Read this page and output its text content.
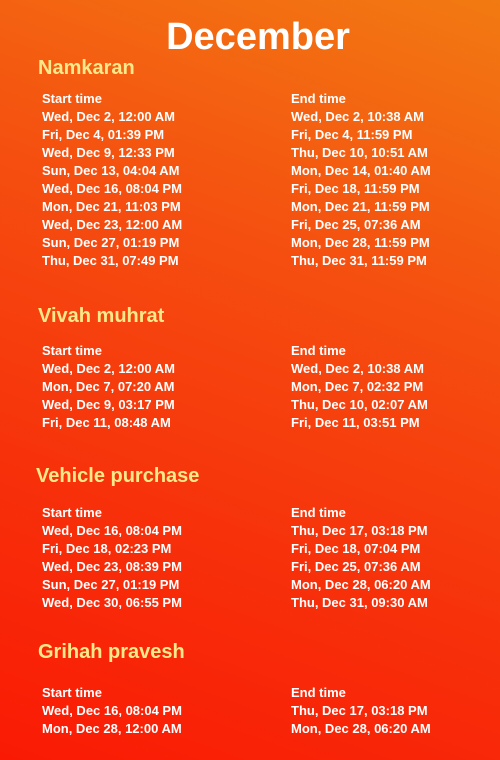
December
Namkaran
Start time
Wed, Dec 2, 12:00 AM
Fri, Dec 4, 01:39 PM
Wed, Dec 9, 12:33 PM
Sun, Dec 13, 04:04 AM
Wed, Dec 16, 08:04 PM
Mon, Dec 21, 11:03 PM
Wed, Dec 23, 12:00 AM
Sun, Dec 27, 01:19 PM
Thu, Dec 31, 07:49 PM
End time
Wed, Dec 2, 10:38 AM
Fri, Dec 4, 11:59 PM
Thu, Dec 10, 10:51 AM
Mon, Dec 14, 01:40 AM
Fri, Dec 18, 11:59 PM
Mon, Dec 21, 11:59 PM
Fri, Dec 25, 07:36 AM
Mon, Dec 28, 11:59 PM
Thu, Dec 31, 11:59 PM
Vivah muhrat
Start time
Wed, Dec 2, 12:00 AM
Mon, Dec 7, 07:20 AM
Wed, Dec 9, 03:17 PM
Fri, Dec 11, 08:48 AM
End time
Wed, Dec 2, 10:38 AM
Mon, Dec 7, 02:32 PM
Thu, Dec 10, 02:07 AM
Fri, Dec 11, 03:51 PM
Vehicle purchase
Start time
Wed, Dec 16, 08:04 PM
Fri, Dec 18, 02:23 PM
Wed, Dec 23, 08:39 PM
Sun, Dec 27, 01:19 PM
Wed, Dec 30, 06:55 PM
End time
Thu, Dec 17, 03:18 PM
Fri, Dec 18, 07:04 PM
Fri, Dec 25, 07:36 AM
Mon, Dec 28, 06:20 AM
Thu, Dec 31, 09:30 AM
Grihah pravesh
Start time
Wed, Dec 16, 08:04 PM
Mon, Dec 28, 12:00 AM
End time
Thu, Dec 17, 03:18 PM
Mon, Dec 28, 06:20 AM
